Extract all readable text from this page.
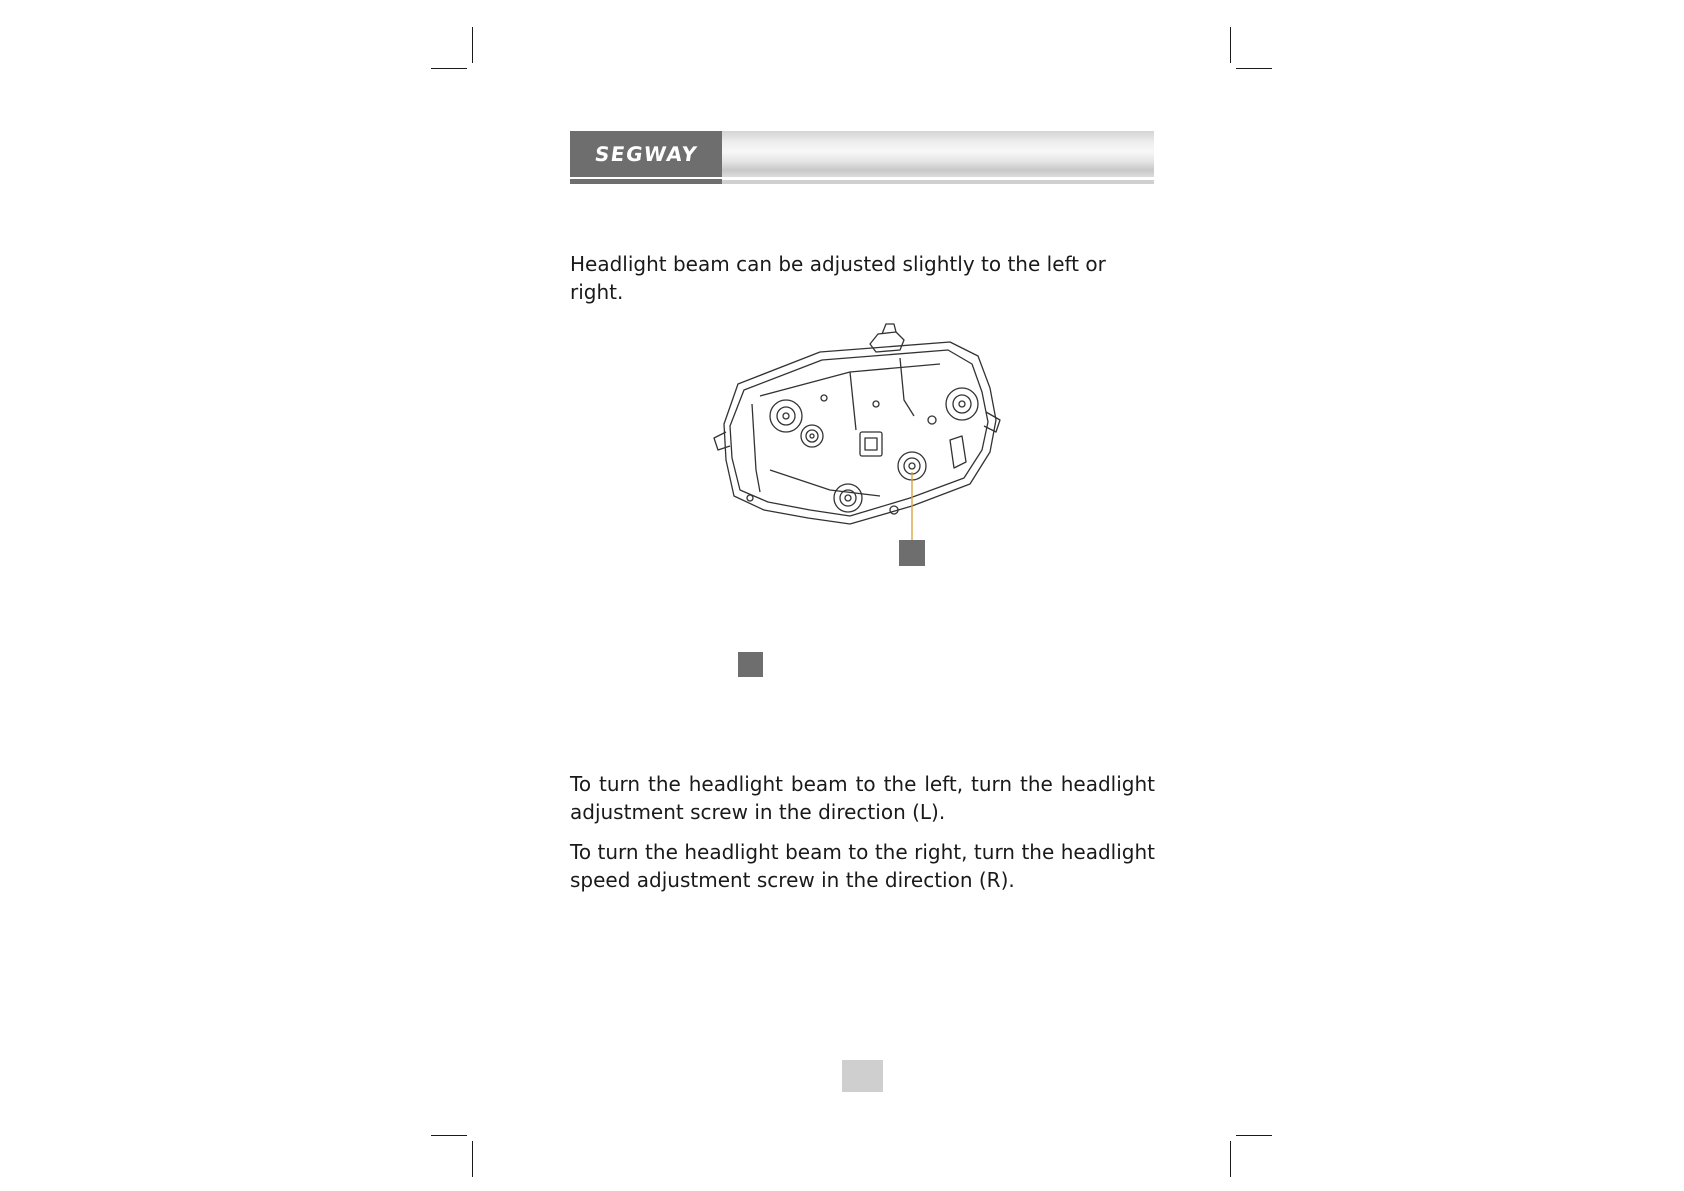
SEGWAY

Headlight beam can be adjusted slightly to the left or right.

To turn the headlight beam to the left, turn the headlight adjustment screw in the direction (L).

To turn the headlight beam to the right, turn the headlight speed adjustment screw in the direction (R).
